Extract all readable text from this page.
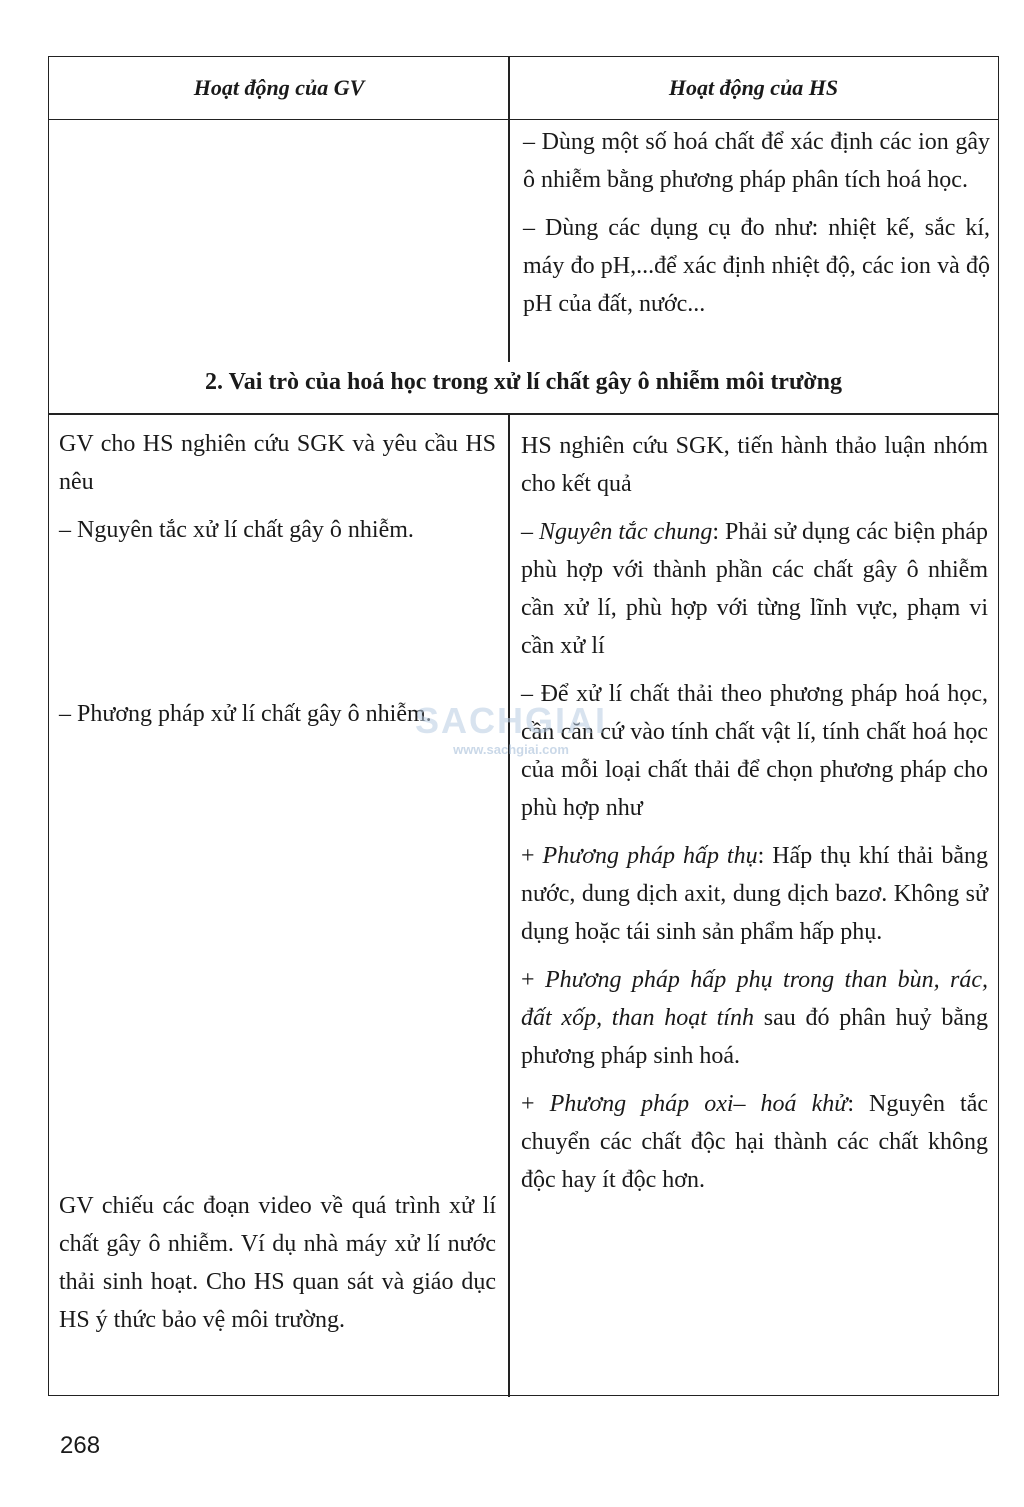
Hoạt động của GV	Hoạt động của HS

– Dùng một số hoá chất để xác định các ion gây ô nhiễm bằng phương pháp phân tích hoá học.

– Dùng các dụng cụ đo như: nhiệt kế, sắc kí, máy đo pH,...để xác định nhiệt độ, các ion và độ pH của đất, nước...

2. Vai trò của hoá học trong xử lí chất gây ô nhiễm môi trường

GV cho HS nghiên cứu SGK và yêu cầu HS nêu

– Nguyên tắc xử lí chất gây ô nhiễm.

– Phương pháp xử lí chất gây ô nhiễm.
GV chiếu các đoạn video về quá trình xử lí chất gây ô nhiễm. Ví dụ nhà máy xử lí nước thải sinh hoạt. Cho HS quan sát và giáo dục HS ý thức bảo vệ môi trường.

HS nghiên cứu SGK, tiến hành thảo luận nhóm cho kết quả

– Nguyên tắc chung: Phải sử dụng các biện pháp phù hợp với thành phần các chất gây ô nhiễm cần xử lí, phù hợp với từng lĩnh vực, phạm vi cần xử lí

– Để xử lí chất thải theo phương pháp hoá học, cần căn cứ vào tính chất vật lí, tính chất hoá học của mỗi loại chất thải để chọn phương pháp cho phù hợp như

+ Phương pháp hấp thụ: Hấp thụ khí thải bằng nước, dung dịch axit, dung dịch bazơ. Không sử dụng hoặc tái sinh sản phẩm hấp phụ.

+ Phương pháp hấp phụ trong than bùn, rác, đất xốp, than hoạt tính sau đó phân huỷ bằng phương pháp sinh hoá.

+ Phương pháp oxi– hoá khử: Nguyên tắc chuyển các chất độc hại thành các chất không độc hay ít độc hơn.

SACHGIAI
www.sachgiai.com
268
